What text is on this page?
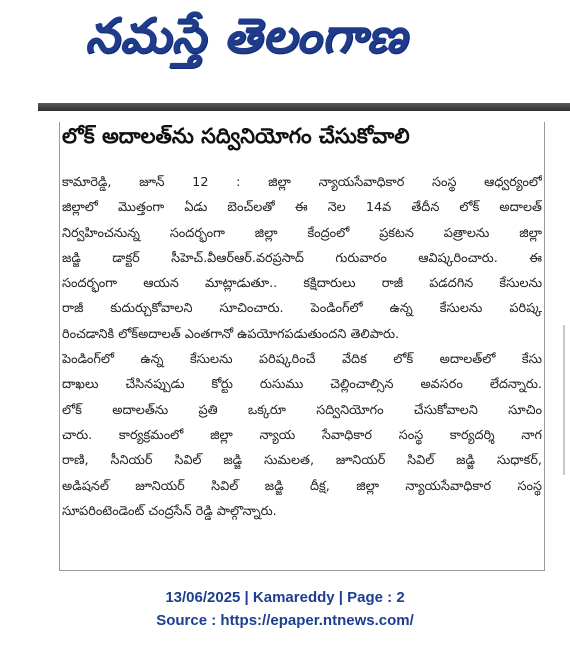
నమస్తే తెలంగాణ
లోక్ అదాలత్‌ను సద్వినియోగం చేసుకోవాలి
కామారెడ్డి, జూన్ 12 : జిల్లా న్యాయసేవాధికార సంస్థ ఆధ్వర్యంలో
జిల్లాలో మొత్తంగా ఏడు బెంచ్‌లతో ఈ నెల 14వ తేదీన లోక్ అదాలత్
నిర్వహించనున్న సందర్భంగా జిల్లా కేంద్రంలో ప్రకటన పత్రాలను జిల్లా
జడ్జి డాక్టర్ సీహెచ్.వీఆర్ఆర్.వరప్రసాద్ గురువారం ఆవిష్కరించారు. ఈ
సందర్భంగా ఆయన మాట్లాడుతూ.. కక్షిదారులు రాజీ పడదగిన కేసులను
రాజీ కుదుర్చుకోవాలని సూచించారు. పెండింగ్‌లో ఉన్న కేసులను పరిష్క
రించడానికి లోక్‌అదాలత్ ఎంతగానో ఉపయోగపడుతుందని తెలిపారు.
పెండింగ్‌లో ఉన్న కేసులను పరిష్కరించే వేదిక లోక్ అదాలత్‌లో కేసు
దాఖలు చేసినప్పుడు కోర్టు రుసుము చెల్లించాల్సిన అవసరం లేదన్నారు.
లోక్ అదాలత్‌ను ప్రతి ఒక్కరూ సద్వినియోగం చేసుకోవాలని సూచిం
చారు. కార్యక్రమంలో జిల్లా న్యాయ సేవాధికార సంస్థ కార్యదర్శి నాగ
రాణి, సీనియర్ సివిల్ జడ్జి సుమలత, జూనియర్ సివిల్ జడ్జి సుధాకర్,
అడిషనల్ జూనియర్ సివిల్ జడ్జి దీక్ష, జిల్లా న్యాయసేవాధికార సంస్థ
సూపరింటెండెంట్ చంద్రసేన్ రెడ్డి పాల్గొన్నారు.
13/06/2025 | Kamareddy | Page : 2
Source : https://epaper.ntnews.com/
